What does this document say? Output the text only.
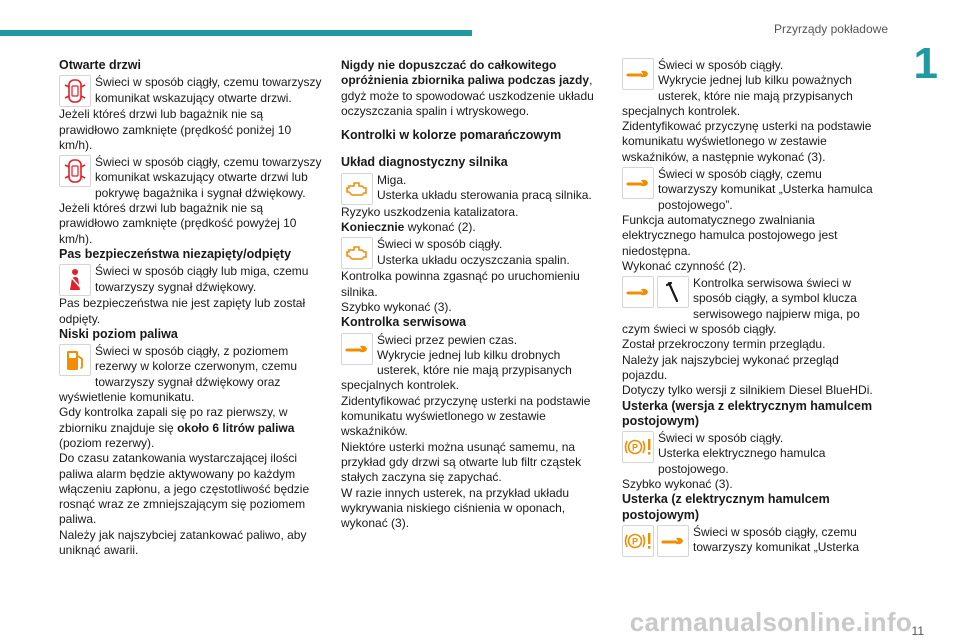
Przyrządy pokładowe
1

Otwarte drzwi

Świeci w sposób ciągły, czemu towarzyszy komunikat wskazujący otwarte drzwi.

Jeżeli któreś drzwi lub bagażnik nie są prawidłowo zamknięte (prędkość poniżej 10 km/h).

Świeci w sposób ciągły, czemu towarzyszy komunikat wskazujący otwarte drzwi lub pokrywę bagażnika i sygnał dźwiękowy.

Jeżeli któreś drzwi lub bagażnik nie są prawidłowo zamknięte (prędkość powyżej 10 km/h).

Pas bezpieczeństwa niezapięty/odpięty

Świeci w sposób ciągły lub miga, czemu towarzyszy sygnał dźwiękowy.

Pas bezpieczeństwa nie jest zapięty lub został odpięty.

Niski poziom paliwa

Świeci w sposób ciągły, z poziomem rezerwy w kolorze czerwonym, czemu towarzyszy sygnał dźwiękowy oraz wyświetlenie komunikatu.

Gdy kontrolka zapali się po raz pierwszy, w zbiorniku znajduje się około 6 litrów paliwa (poziom rezerwy).

Do czasu zatankowania wystarczającej ilości paliwa alarm będzie aktywowany po każdym włączeniu zapłonu, a jego częstotliwość będzie rosnąć wraz ze zmniejszającym się poziomem paliwa.

Należy jak najszybciej zatankować paliwo, aby uniknąć awarii.

Nigdy nie dopuszczać do całkowitego opróżnienia zbiornika paliwa podczas jazdy, gdyż może to spowodować uszkodzenie układu oczyszczania spalin i wtryskowego.

Kontrolki w kolorze pomarańczowym

Układ diagnostyczny silnika

Miga.

Usterka układu sterowania pracą silnika.

Ryzyko uszkodzenia katalizatora.

Koniecznie wykonać (2).

Świeci w sposób ciągły.

Usterka układu oczyszczania spalin.

Kontrolka powinna zgasnąć po uruchomieniu silnika.

Szybko wykonać (3).

Kontrolka serwisowa

Świeci przez pewien czas.

Wykrycie jednej lub kilku drobnych usterek, które nie mają przypisanych specjalnych kontrolek.

Zidentyfikować przyczynę usterki na podstawie komunikatu wyświetlonego w zestawie wskaźników.

Niektóre usterki można usunąć samemu, na przykład gdy drzwi są otwarte lub filtr cząstek stałych zaczyna się zapychać.

W razie innych usterek, na przykład układu wykrywania niskiego ciśnienia w oponach, wykonać (3).

Świeci w sposób ciągły.

Wykrycie jednej lub kilku poważnych usterek, które nie mają przypisanych specjalnych kontrolek.

Zidentyfikować przyczynę usterki na podstawie komunikatu wyświetlonego w zestawie wskaźników, a następnie wykonać (3).

Świeci w sposób ciągły, czemu towarzyszy komunikat „Usterka hamulca postojowego”.

Funkcja automatycznego zwalniania elektrycznego hamulca postojowego jest niedostępna.

Wykonać czynność (2).

Kontrolka serwisowa świeci w sposób ciągły, a symbol klucza serwisowego najpierw miga, po czym świeci w sposób ciągły.

Został przekroczony termin przeglądu.

Należy jak najszybciej wykonać przegląd pojazdu.

Dotyczy tylko wersji z silnikiem Diesel BlueHDi.

Usterka (wersja z elektrycznym hamulcem postojowym)

P

Świeci w sposób ciągły.

Usterka elektrycznego hamulca postojowego.

Szybko wykonać (3).

Usterka (z elektrycznym hamulcem postojowym)

P

Świeci w sposób ciągły, czemu towarzyszy komunikat „Usterka

carmanualsonline.info 11
